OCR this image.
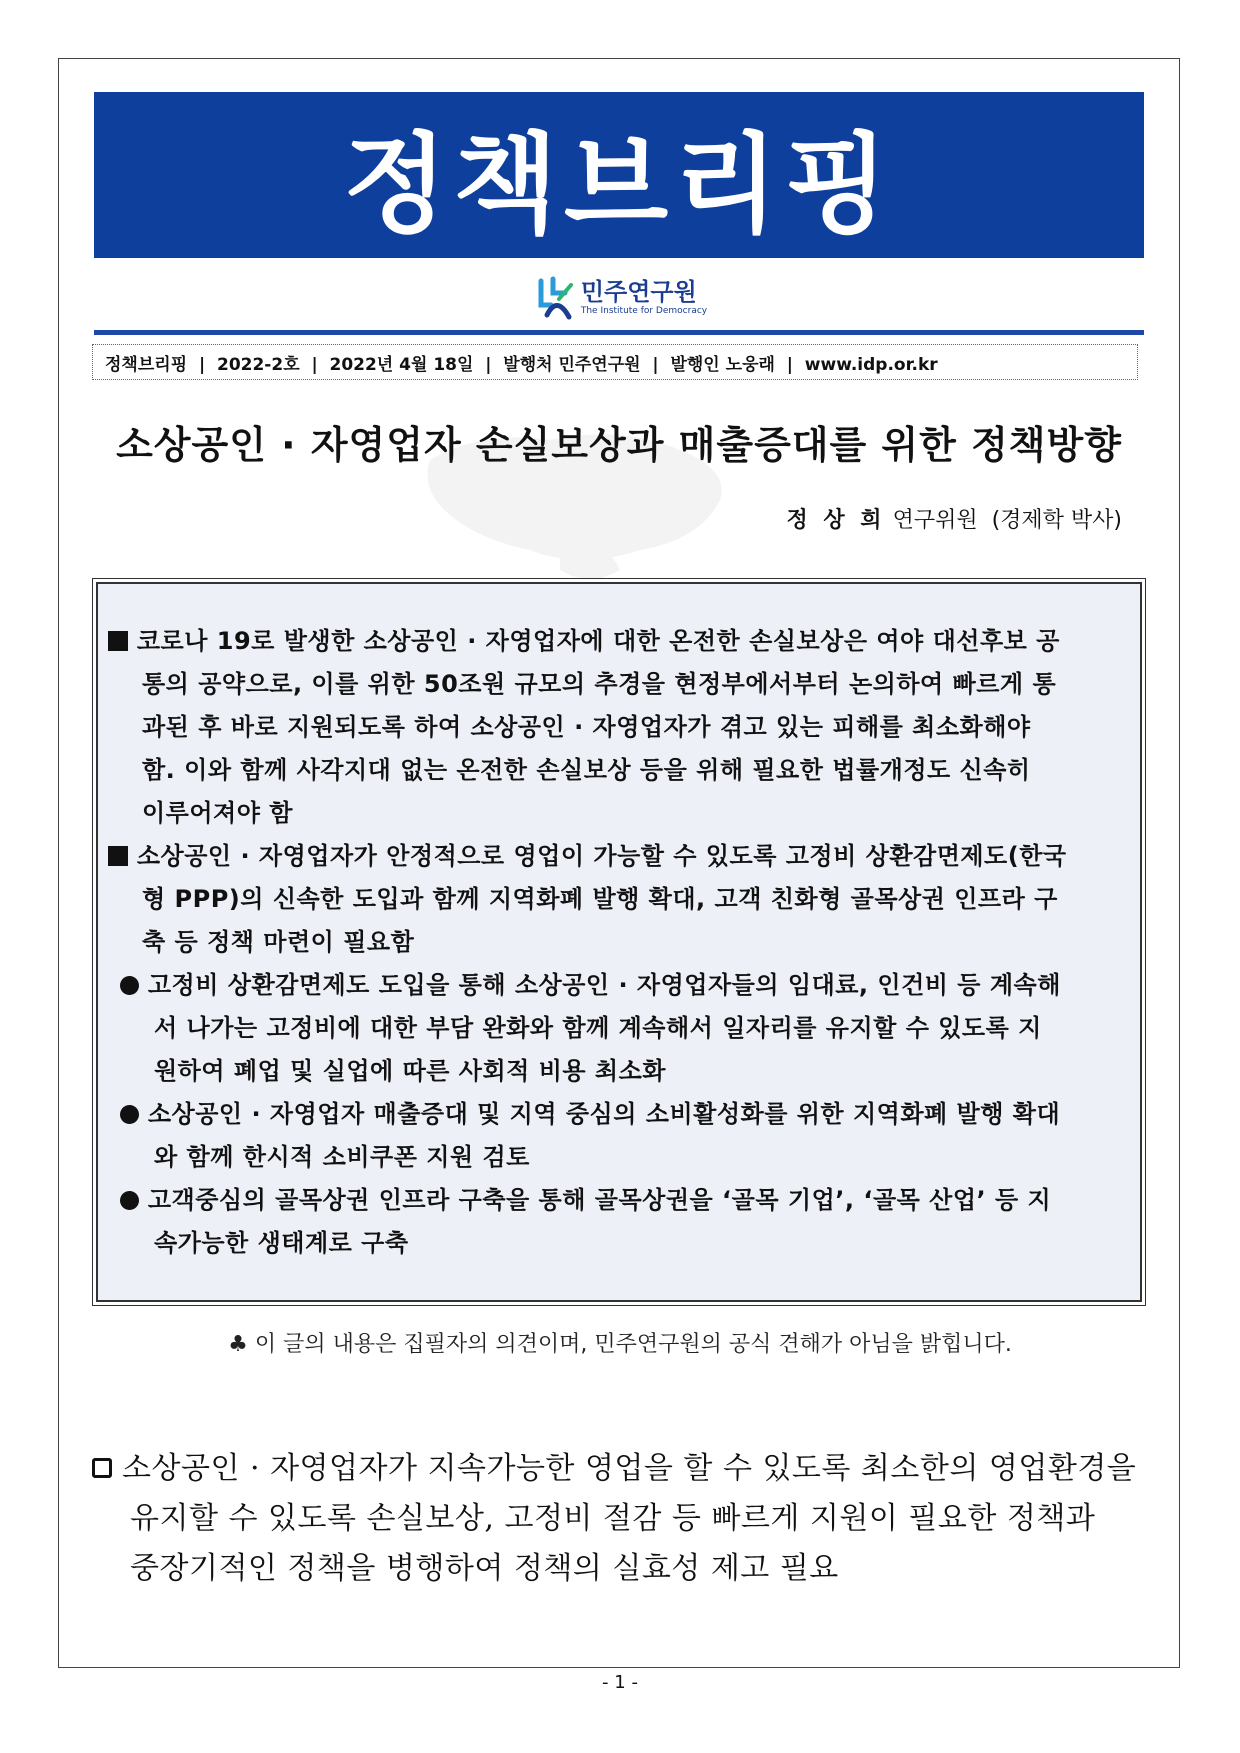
정책브리핑
민주연구원
The Institute for Democracy
정책브리핑  |  2022-2호  |  2022년 4월 18일  |  발행처 민주연구원  |  발행인 노웅래  |  www.idp.or.kr
소상공인 · 자영업자 손실보상과 매출증대를 위한 정책방향
정 상 희 연구위원 (경제학 박사)
코로나 19로 발생한 소상공인 · 자영업자에 대한 온전한 손실보상은 여야 대선후보 공
통의 공약으로, 이를 위한 50조원 규모의 추경을 현정부에서부터 논의하여 빠르게 통
과된 후 바로 지원되도록 하여 소상공인 · 자영업자가 겪고 있는 피해를 최소화해야
함. 이와 함께 사각지대 없는 온전한 손실보상 등을 위해 필요한 법률개정도 신속히
이루어져야 함
소상공인 · 자영업자가 안정적으로 영업이 가능할 수 있도록 고정비 상환감면제도(한국
형 PPP)의 신속한 도입과 함께 지역화폐 발행 확대, 고객 친화형 골목상권 인프라 구
축 등 정책 마련이 필요함
고정비 상환감면제도 도입을 통해 소상공인 · 자영업자들의 임대료, 인건비 등 계속해
서 나가는 고정비에 대한 부담 완화와 함께 계속해서 일자리를 유지할 수 있도록 지
원하여 폐업 및 실업에 따른 사회적 비용 최소화
소상공인 · 자영업자 매출증대 및 지역 중심의 소비활성화를 위한 지역화폐 발행 확대
와 함께 한시적 소비쿠폰 지원 검토
고객중심의 골목상권 인프라 구축을 통해 골목상권을 ‘골목 기업’, ‘골목 산업’ 등 지
속가능한 생태계로 구축
♣ 이 글의 내용은 집필자의 의견이며, 민주연구원의 공식 견해가 아님을 밝힙니다.
소상공인 · 자영업자가 지속가능한 영업을 할 수 있도록 최소한의 영업환경을
유지할 수 있도록 손실보상, 고정비 절감 등 빠르게 지원이 필요한 정책과
중장기적인 정책을 병행하여 정책의 실효성 제고 필요
- 1 -
